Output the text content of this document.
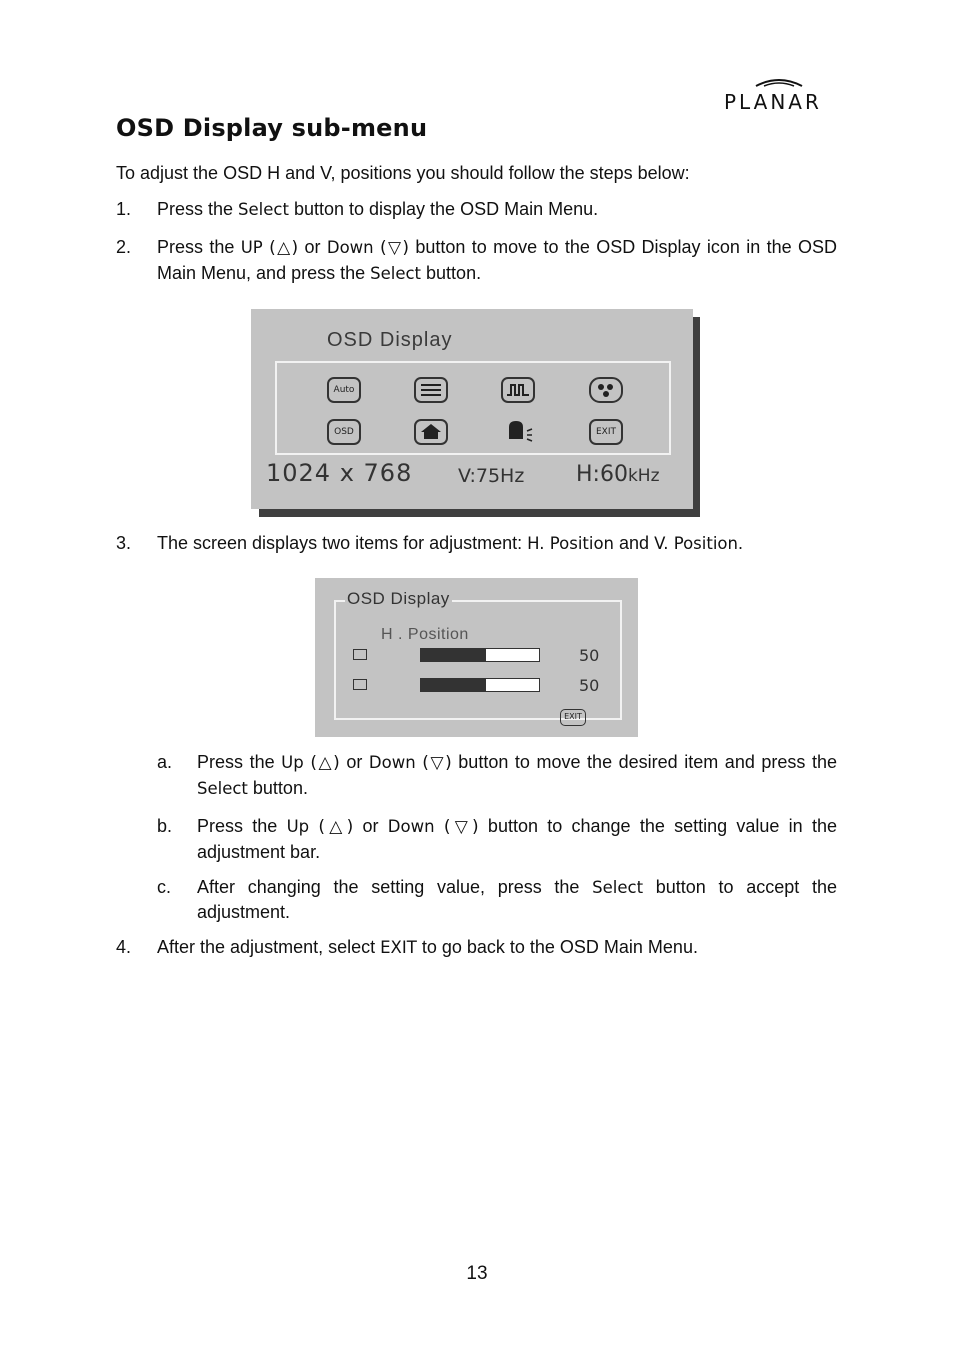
PLANAR
OSD Display sub-menu
To adjust the OSD H and V, positions you should follow the steps below:
1. Press the Select button to display the OSD Main Menu.
2. Press the UP (△) or Down (▽) button to move to the OSD Display icon in the OSD Main Menu, and press the Select button.
OSD Display
Auto
OSD	EXIT
1024 x 768 V:75Hz H:60kHz
3. The screen displays two items for adjustment: H. Position and V. Position.
OSD Display
H . Position
50
50
EXIT
a. Press the Up (△) or Down (▽) button to move the desired item and press the Select button.
b. Press the Up (△) or Down (▽) button to change the setting value in the adjustment bar.
c. After changing the setting value, press the Select button to accept the adjustment.
4. After the adjustment, select EXIT to go back to the OSD Main Menu.
13
